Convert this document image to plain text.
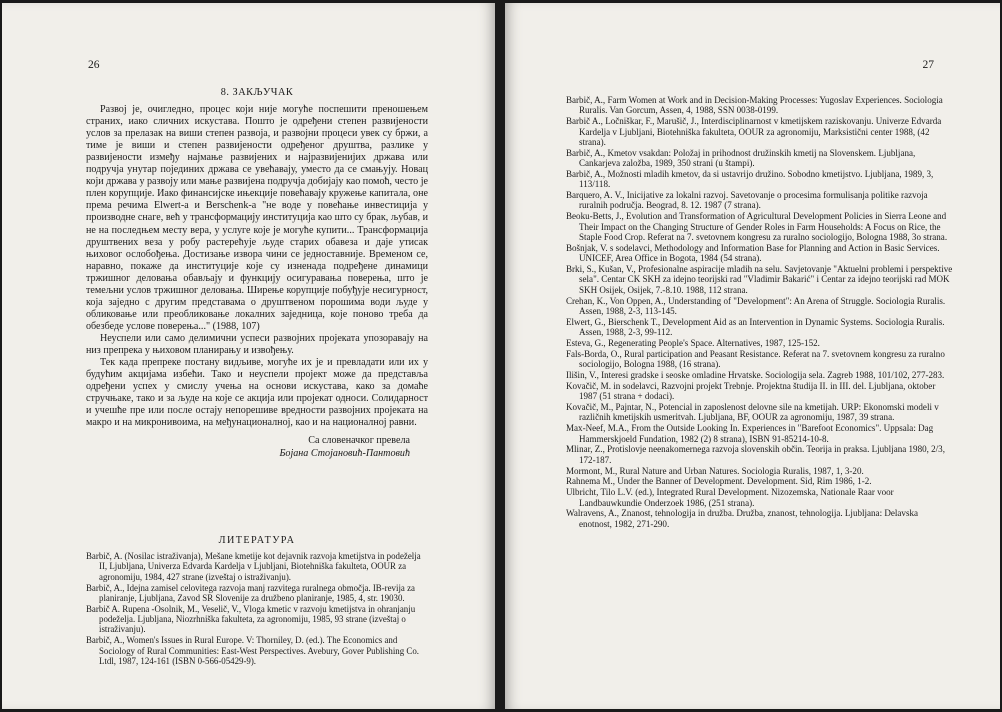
26
8. ЗАКЉУЧАК

Развој је, очигледно, процес који није могуће поспешити преношењем страних, иако сличних искустава. Пошто је одређени степен развијености услов за прелазак на виши степен развоја, и развојни процеси увек су бржи, а тиме је виши и степен развијености одређеног друштва, разлике у развијености између најмање развијених и најразвијенијих држава или подручја унутар појединих држава се увећавају, уместо да се смањују. Новац који држава у развоју или мање развијена подручја добијају као помоћ, често је плен корупције. Иако финансијске ињекције повећавају кружење капитала, оне према речима Elwert-а и Berschenk-а "не воде у повећање инвестиција у производне снаге, већ у трансформацију институција као што су брак, љубав, и не на последњем месту вера, у услуге које је могуће купити... Трансформација друштвених веза у робу растерећује људе старих обавеза и даје утисак њиховог ослобођења. Достизање извора чини се једноставније. Временом се, наравно, покаже да институције које су изненада подређене динамици тржишног деловања обављају и функцију осигуравања поверења, што је темељни услов тржишног деловања. Ширење корупције побуђује несигурност, која заједно с другим представама о друштвеном порошима води људе у обликовање или преобликовање локалних заједница, које поново треба да обезбеде услове поверења..." (1988, 107)

Неуспели или само делимични успеси развојних пројеката упозоравају на низ препрека у њиховом планирању и извођењу.

Тек када препреке постану видљиве, могуће их је и превладати или их у будућим акцијама избећи. Тако и неуспели пројект може да представља одређени успех у смислу учења на основи искустава, како за домаће стручњаке, тако и за људе на које се акција или пројекат односи. Солидарност и учешће пре или после остају непорешиве вредности развојних пројеката на макро и на микронивоима, на међунационалној, као и на националној равни.

Са словеначког превела
Бојана Стојановић-Пантовић
ЛИТЕРАТУРА

Barbič, A. (Nosilac istraživanja), Mešane kmetije kot dejavnik razvoja kmetijstva in podeželja II, Ljubljana, Univerza Edvarda Kardelja v Ljubljani, Biotehniška fakulteta, OOUR za agronomiju, 1984, 427 strane (izveštaj o istraživanju).

Barbič, A., Idejna zamisel celovitega razvoja manj razvitega ruralnega območja. IB-revija za planiranje, Ljubljana, Zavod SR Slovenije za družbeno planiranje, 1985, 4, str. 19030.

Barbič A. Rupena -Osolnik, M., Veselič, V., Vloga kmetic v razvoju kmetijstva in ohranjanju podeželja. Ljubljana, Niozrhniška fakulteta, za agronomiju, 1985, 93 strane (izveštaj o istraživanju).

Barbič, A., Women's Issues in Rural Europe. V: Thorniley, D. (ed.). The Economics and Sociology of Rural Communities: East-West Perspectives. Avebury, Gover Publishing Co. Ltdl, 1987, 124-161 (ISBN 0-566-05429-9).

27

Barbič, A., Farm Women at Work and in Decision-Making Processes: Yugoslav Experiences. Sociologia Ruralis. Van Gorcum, Assen, 4, 1988, SSN 0038-0199.

Barbič A., Ločniškar, F., Marušič, J., Interdisciplinarnost v kmetijskem raziskovanju. Univerze Edvarda Kardelja v Ljubljani, Biotehniška fakulteta, OOUR za agronomiju, Marksistični center 1988, (42 strana).

Barbič, A., Kmetov vsakdan: Položaj in prihodnost družinskih kmetij na Slovenskem. Ljubljana, Cankarjeva založba, 1989, 350 strani (u štampi).

Barbič, A., Možnosti mladih kmetov, da si ustavrijo družino. Sobodno kmetijstvo. Ljubljana, 1989, 3, 113/118.

Barquero, A. V., Inicijative za lokalni razvoj. Savetovanje o procesima formulisanja politike razvoja ruralnih područja. Beograd, 8. 12. 1987 (7 strana).

Beoku-Betts, J., Evolution and Transformation of Agricultural Development Policies in Sierra Leone and Their Impact on the Changing Structure of Gender Roles in Farm Households: A Focus on Rice, the Staple Food Crop. Referat na 7. svetovnem kongresu za ruralno sociologijo, Bologna 1988, 3o strana.

Bošnjak, V. s sodelavci, Methodology and Information Base for Planning and Action in Basic Services. UNICEF, Area Office in Bogota, 1984 (54 strana).

Brki, S., Kušan, V., Profesionalne aspiracije mladih na selu. Savjetovanje "Aktuelni problemi i perspektive sela". Centar CK SKH za idejno teorijski rad "Vladimir Bakarić" i Centar za idejno teorijski rad MOK SKH Osijek, Osijek, 7.-8.10. 1988, 112 strana.

Crehan, K., Von Oppen, A., Understanding of "Development": An Arena of Struggle. Sociologia Ruralis. Assen, 1988, 2-3, 113-145.

Elwert, G., Bierschenk T., Development Aid as an Intervention in Dynamic Systems. Sociologia Ruralis. Assen, 1988, 2-3, 99-112.

Esteva, G., Regenerating People's Space. Alternatives, 1987, 125-152.

Fals-Borda, O., Rural participation and Peasant Resistance. Referat na 7. svetovnem kongresu za ruralno sociologijo, Bologna 1988, (16 strana).

Ilišin, V., Interesi gradske i seoske omladine Hrvatske. Sociologija sela. Zagreb 1988, 101/102, 277-283.

Kovačič, M. in sodelavci, Razvojni projekt Trebnje. Projektna študija II. in III. del. Ljubljana, oktober 1987 (51 strana + dodaci).

Kovačič, M., Pajntar, N., Potencial in zaposlenost delovne sile na kmetijah. URP: Ekonomski modeli v različnih kmetijskih usmeritvah. Ljubljana, BF, OOUR za agronomiju, 1987, 39 strana.

Max-Neef, M.A., From the Outside Looking In. Experiences in "Barefoot Economics". Uppsala: Dag Hammerskjoeld Fundation, 1982 (2) 8 strana), ISBN 91-85214-10-8.

Mlinar, Z., Protislovje neenakomernega razvoja slovenskih občin. Teorija in praksa. Ljubljana 1980, 2/3, 172-187.

Mormont, M., Rural Nature and Urban Natures. Sociologia Ruralis, 1987, 1, 3-20.

Rahnema M., Under the Banner of Development. Development. Sid, Rim 1986, 1-2.

Ulbricht, Tilo L.V. (ed.), Integrated Rural Development. Nizozemska, Nationale Raar voor Landbauwkundie Onderzoek 1986, (251 strana).

Walravens, A., Znanost, tehnologija in družba. Družba, znanost, tehnologija. Ljubljana: Delavska enotnost, 1982, 271-290.
